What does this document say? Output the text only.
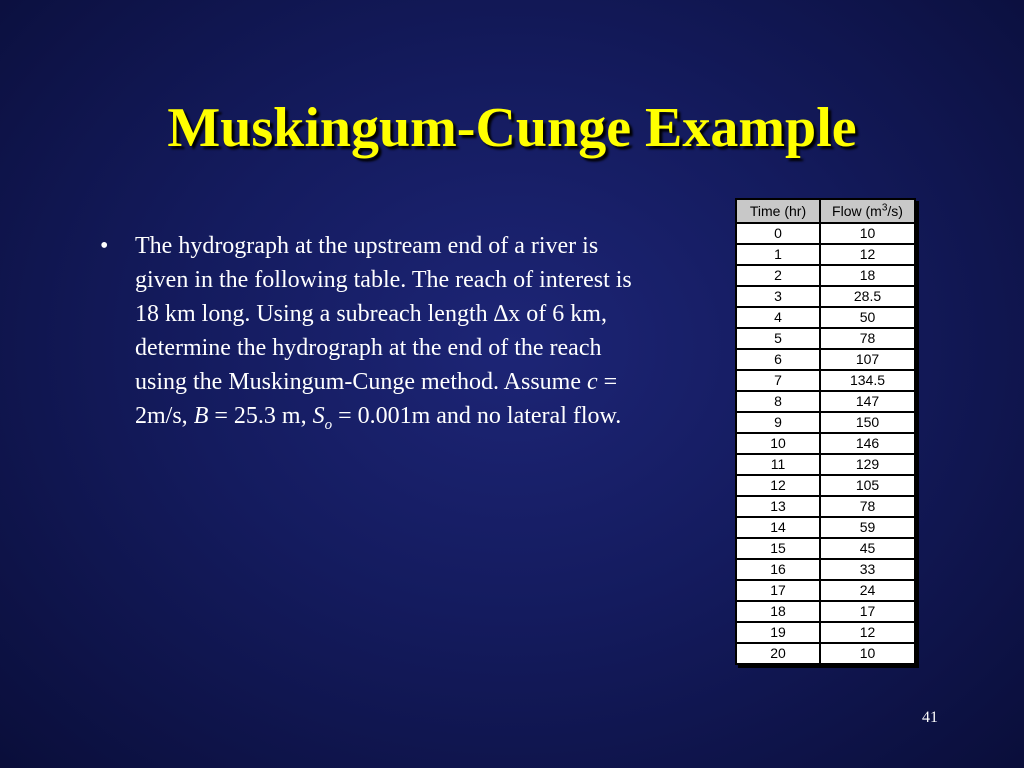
Muskingum-Cunge Example
• The hydrograph at the upstream end of a river is given in the following table. The reach of interest is 18 km long. Using a subreach length ∆x of 6 km, determine the hydrograph at the end of the reach using the Muskingum-Cunge method. Assume c = 2m/s, B = 25.3 m, $S_o = 0.001m$ and no lateral flow.
Time (hr)	Flow $(m^3/s)$
0	10
1	12
2	18
3	28.5
4	50
5	78
6	107
7	134.5
8	147
9	150
10	146
11	129
12	105
13	78
14	59
15	45
16	33
17	24
18	17
19	12
20	10
41
